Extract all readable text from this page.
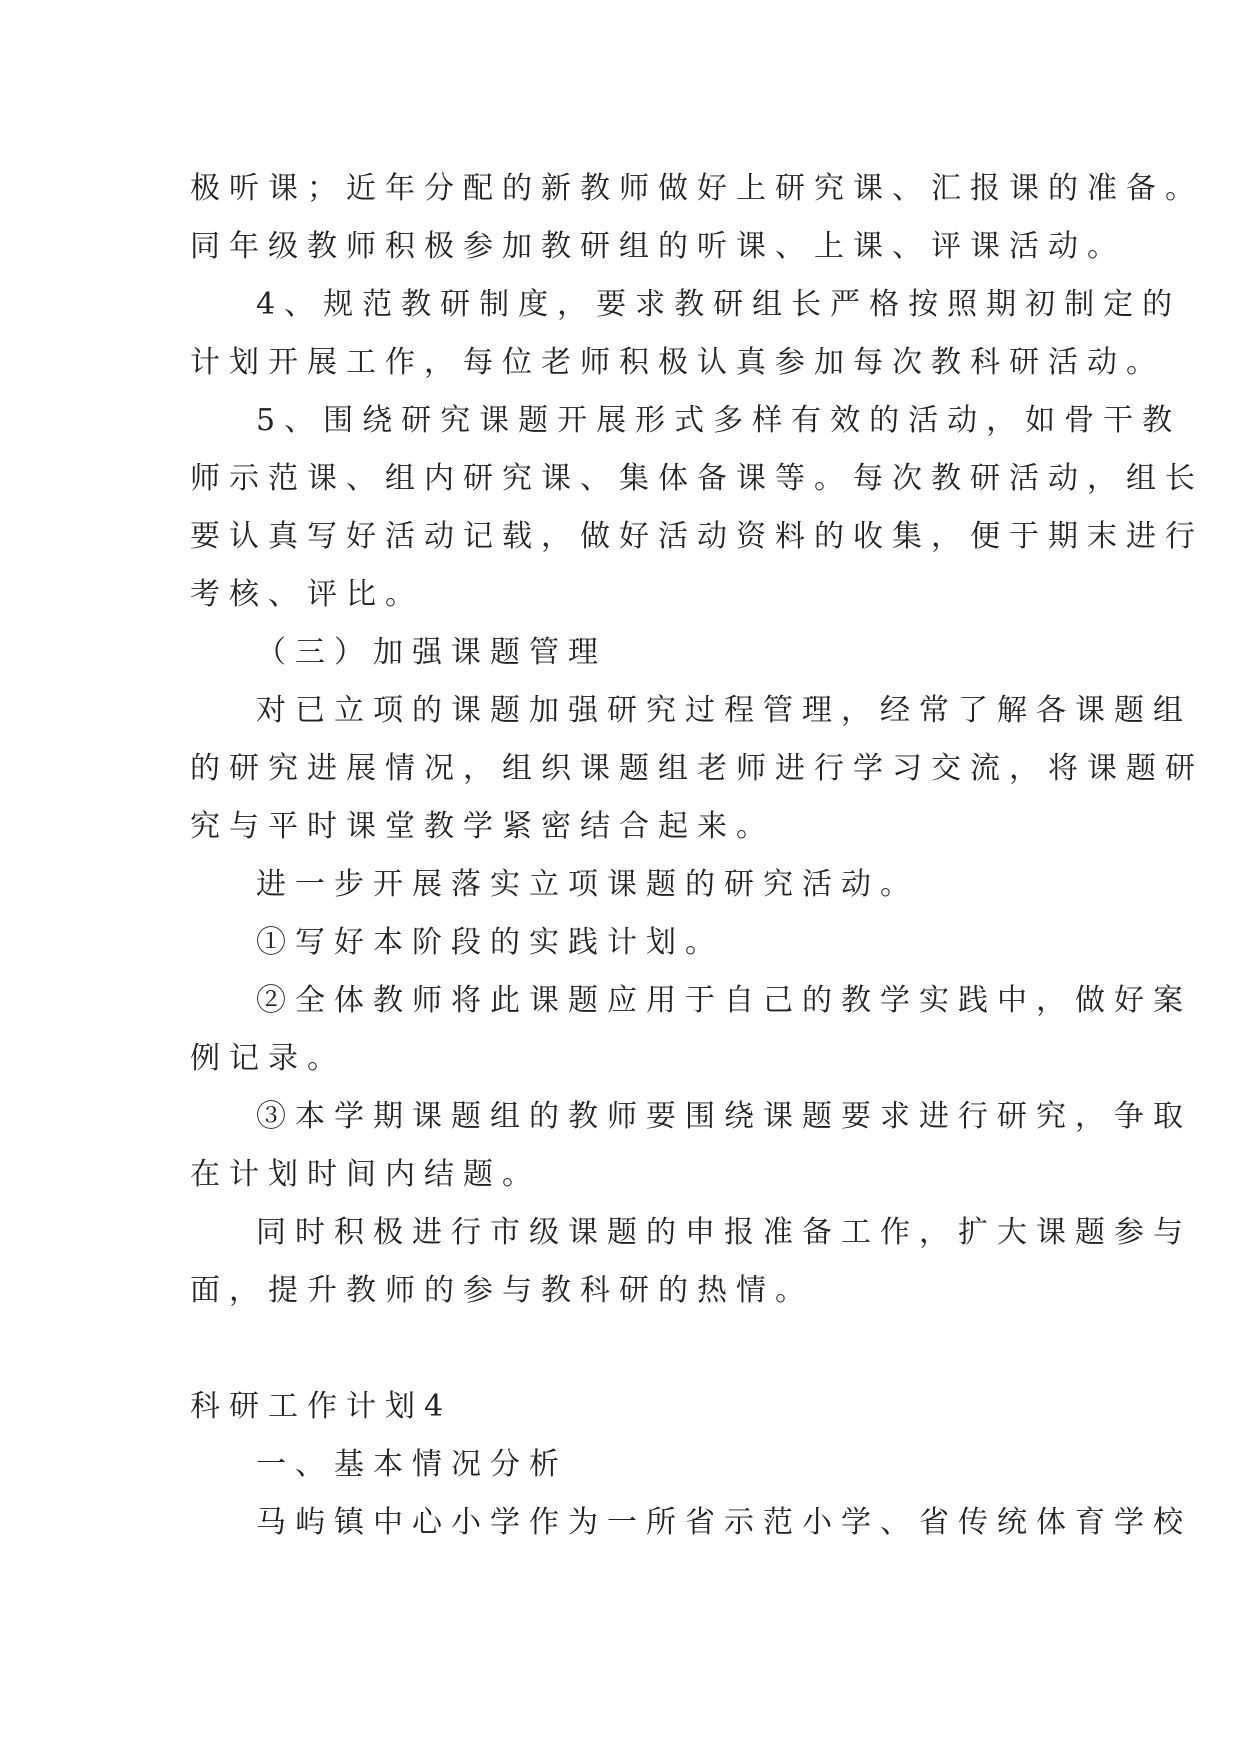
极听课；近年分配的新教师做好上研究课、汇报课的准备。
同年级教师积极参加教研组的听课、上课、评课活动。
4、规范教研制度，要求教研组长严格按照期初制定的
计划开展工作，每位老师积极认真参加每次教科研活动。
5、围绕研究课题开展形式多样有效的活动，如骨干教
师示范课、组内研究课、集体备课等。每次教研活动，组长
要认真写好活动记载，做好活动资料的收集，便于期末进行
考核、评比。
（三）加强课题管理
对已立项的课题加强研究过程管理，经常了解各课题组
的研究进展情况，组织课题组老师进行学习交流，将课题研
究与平时课堂教学紧密结合起来。
进一步开展落实立项课题的研究活动。
①写好本阶段的实践计划。
②全体教师将此课题应用于自己的教学实践中，做好案
例记录。
③本学期课题组的教师要围绕课题要求进行研究，争取
在计划时间内结题。
同时积极进行市级课题的申报准备工作，扩大课题参与
面，提升教师的参与教科研的热情。
科研工作计划4
一、基本情况分析
马屿镇中心小学作为一所省示范小学、省传统体育学校
